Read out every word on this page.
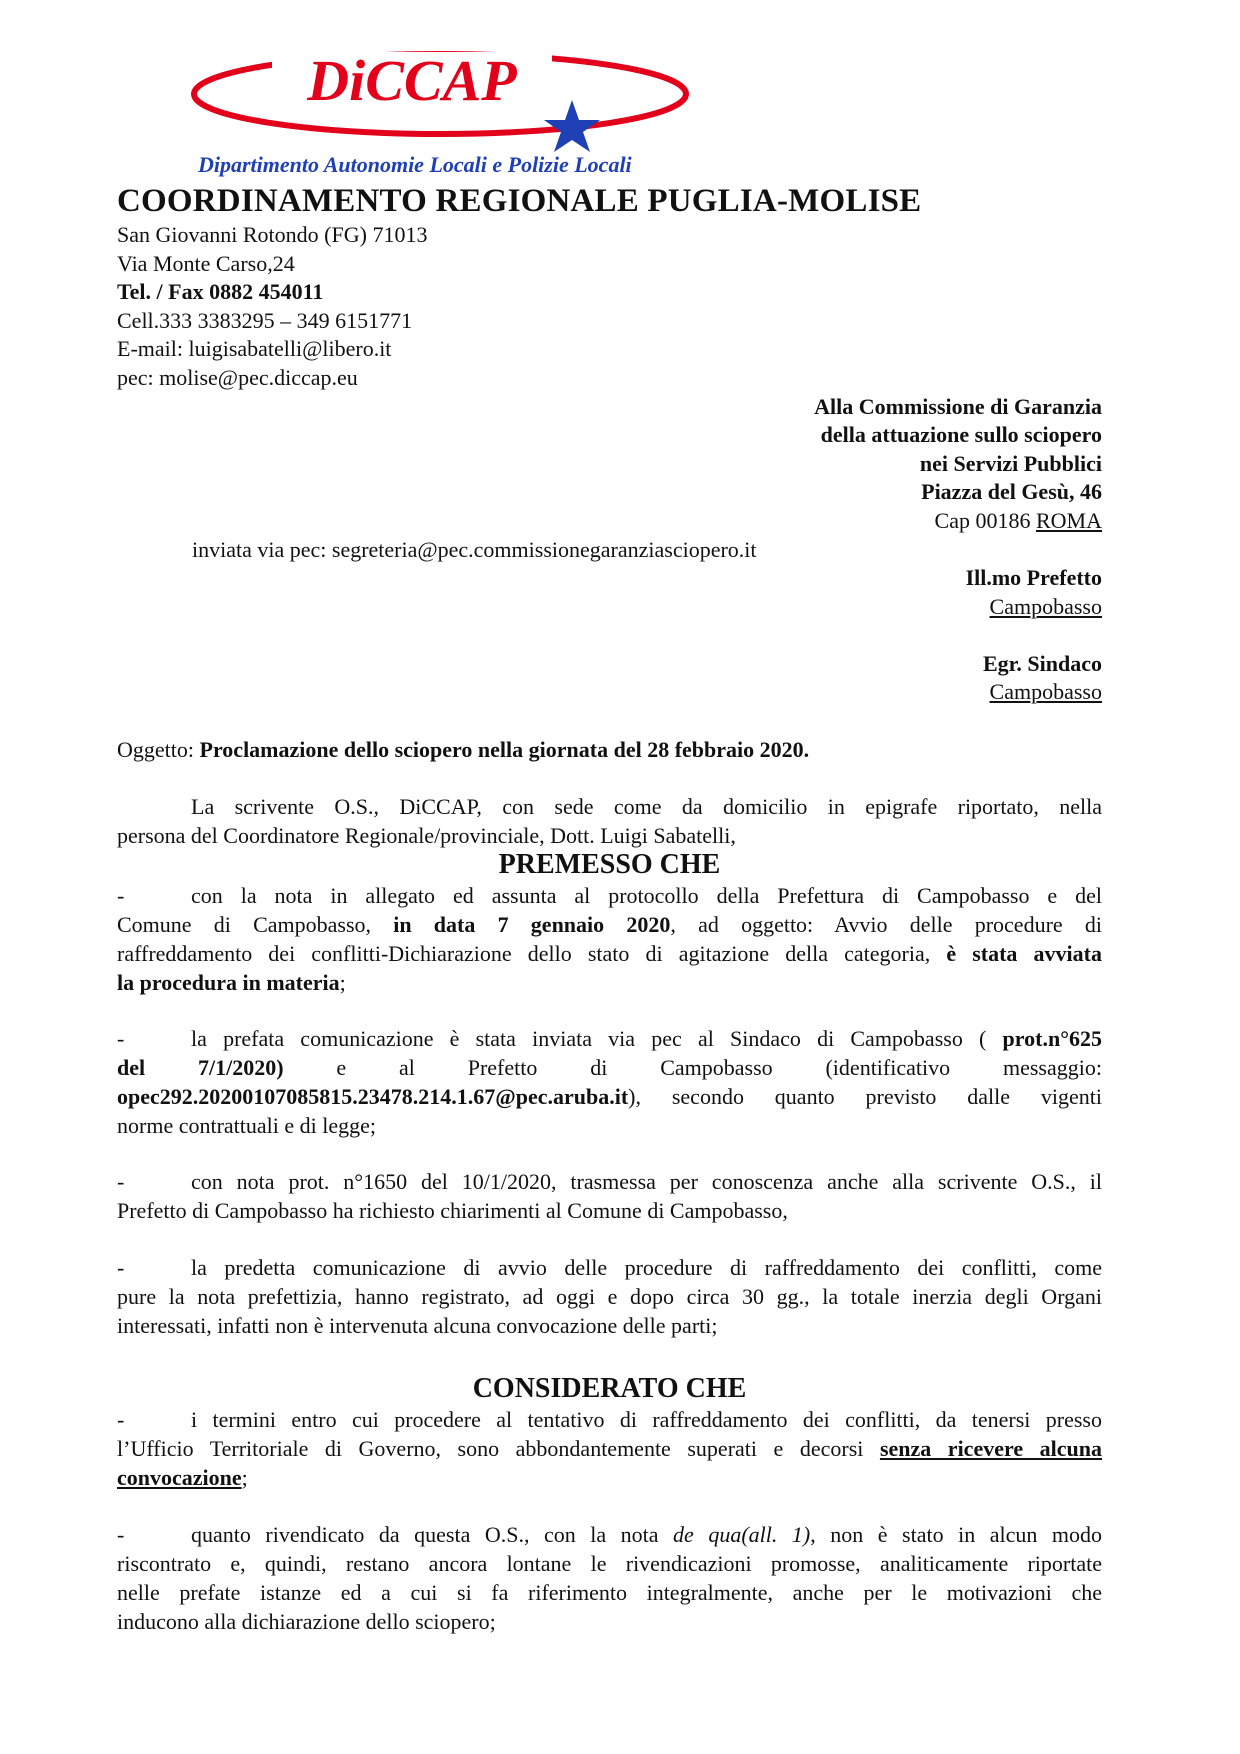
DiCCAP
Dipartimento Autonomie Locali e Polizie Locali
COORDINAMENTO REGIONALE PUGLIA-MOLISE
San Giovanni Rotondo (FG) 71013
Via Monte Carso,24
Tel. / Fax 0882 454011
Cell.333 3383295 – 349 6151771
E-mail: luigisabatelli@libero.it
pec: molise@pec.diccap.eu
Alla Commissione di Garanzia
della attuazione sullo sciopero
nei Servizi Pubblici
Piazza del Gesù, 46
Cap 00186 ROMA
inviata via pec: segreteria@pec.commissionegaranziasciopero.it
Ill.mo Prefetto
Campobasso
Egr. Sindaco
Campobasso
Oggetto: Proclamazione dello sciopero nella giornata del 28 febbraio 2020.
La scrivente O.S., DiCCAP, con sede come da domicilio in epigrafe riportato, nella
persona del Coordinatore Regionale/provinciale, Dott. Luigi Sabatelli,
PREMESSO CHE
-	con la nota in allegato ed assunta al protocollo della Prefettura di Campobasso e del
Comune di Campobasso, in data 7 gennaio 2020, ad oggetto: Avvio delle procedure di
raffreddamento dei conflitti-Dichiarazione dello stato di agitazione della categoria, è stata avviata
la procedura in materia;
-	la prefata comunicazione è stata inviata via pec al Sindaco di Campobasso ( prot.n°625
del 7/1/2020) e al Prefetto di Campobasso (identificativo messaggio:
opec292.20200107085815.23478.214.1.67@pec.aruba.it), secondo quanto previsto dalle vigenti
norme contrattuali e di legge;
-	con nota prot. n°1650 del 10/1/2020, trasmessa per conoscenza anche alla scrivente O.S., il
Prefetto di Campobasso ha richiesto chiarimenti al Comune di Campobasso,
-	la predetta comunicazione di avvio delle procedure di raffreddamento dei conflitti, come
pure la nota prefettizia, hanno registrato, ad oggi e dopo circa 30 gg., la totale inerzia degli Organi
interessati, infatti non è intervenuta alcuna convocazione delle parti;
CONSIDERATO CHE
-	i termini entro cui procedere al tentativo di raffreddamento dei conflitti, da tenersi presso
l’Ufficio Territoriale di Governo, sono abbondantemente superati e decorsi senza ricevere alcuna
convocazione;
-	quanto rivendicato da questa O.S., con la nota de qua(all. 1), non è stato in alcun modo
riscontrato e, quindi, restano ancora lontane le rivendicazioni promosse, analiticamente riportate
nelle prefate istanze ed a cui si fa riferimento integralmente, anche per le motivazioni che
inducono alla dichiarazione dello sciopero;
